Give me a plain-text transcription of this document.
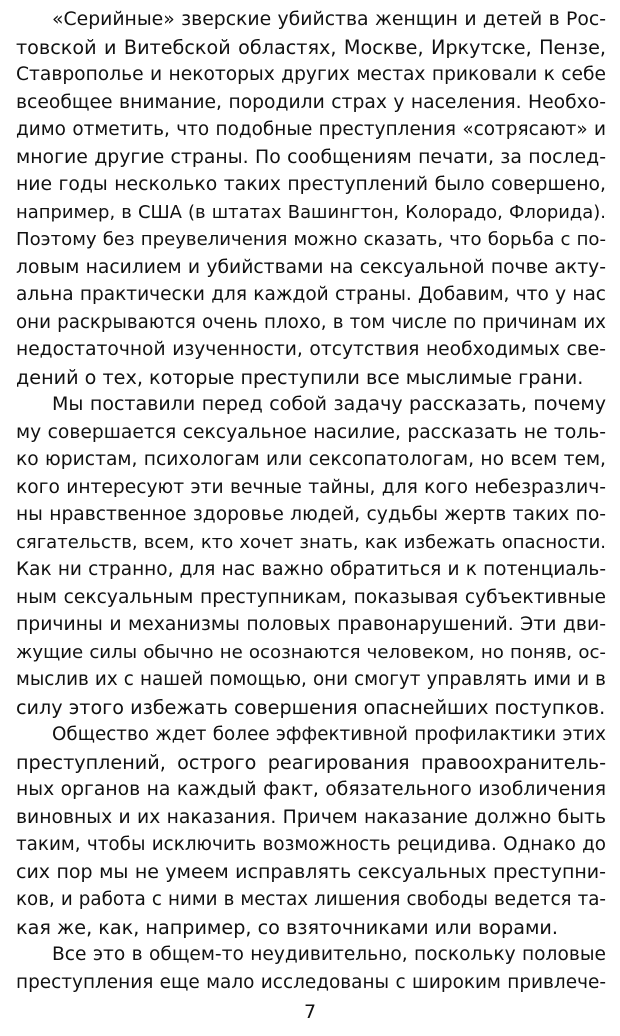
«Серийные» зверские убийства женщин и детей в Рос-
товской и Витебской областях, Москве, Иркутске, Пензе,
Ставрополье и некоторых других местах приковали к себе
всеобщее внимание, породили страх у населения. Необхо-
димо отметить, что подобные преступления «сотрясают» и
многие другие страны. По сообщениям печати, за послед-
ние годы несколько таких преступлений было совершено,
например, в США (в штатах Вашингтон, Колорадо, Флорида).
Поэтому без преувеличения можно сказать, что борьба с по-
ловым насилием и убийствами на сексуальной почве акту-
альна практически для каждой страны. Добавим, что у нас
они раскрываются очень плохо, в том числе по причинам их
недостаточной изученности, отсутствия необходимых све-
дений о тех, которые преступили все мыслимые грани.
Мы поставили перед собой задачу рассказать, почему
му совершается сексуальное насилие, рассказать не толь-
ко юристам, психологам или сексопатологам, но всем тем,
кого интересуют эти вечные тайны, для кого небезразлич-
ны нравственное здоровье людей, судьбы жертв таких по-
сягательств, всем, кто хочет знать, как избежать опасности.
Как ни странно, для нас важно обратиться и к потенциаль-
ным сексуальным преступникам, показывая субъективные
причины и механизмы половых правонарушений. Эти дви-
жущие силы обычно не осознаются человеком, но поняв, ос-
мыслив их с нашей помощью, они смогут управлять ими и в
силу этого избежать совершения опаснейших поступков.
Общество ждет более эффективной профилактики этих
преступлений, острого реагирования правоохранитель-
ных органов на каждый факт, обязательного изобличения
виновных и их наказания. Причем наказание должно быть
таким, чтобы исключить возможность рецидива. Однако до
сих пор мы не умеем исправлять сексуальных преступни-
ков, и работа с ними в местах лишения свободы ведется та-
кая же, как, например, со взяточниками или ворами.
Все это в общем-то неудивительно, поскольку половые
преступления еще мало исследованы с широким привлече-
7
